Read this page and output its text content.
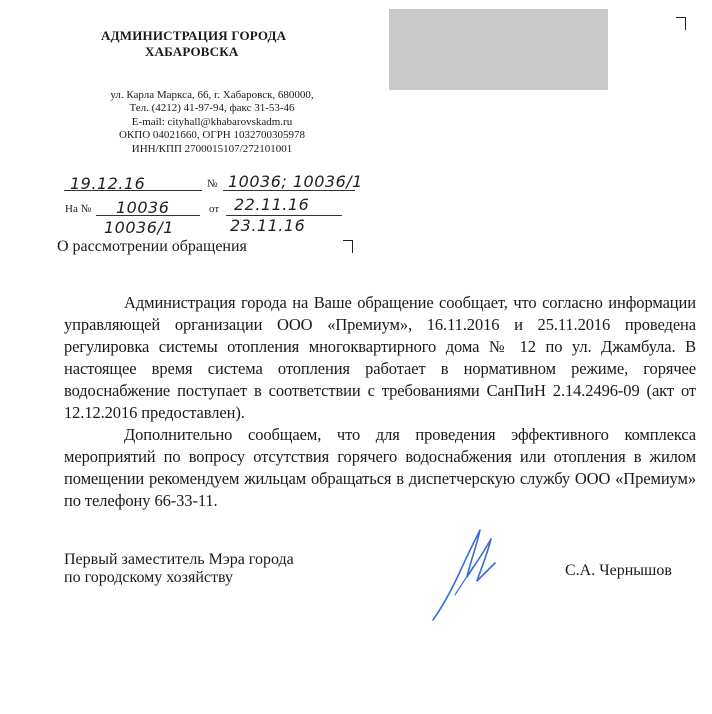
АДМИНИСТРАЦИЯ ГОРОДА
ХАБАРОВСКА
ул. Карла Маркса, 66, г. Хабаровск, 680000,
Тел. (4212) 41-97-94, факс 31-53-46
E-mail: cityhall@khabarovskadm.ru
ОКПО 04021660, ОГРН 1032700305978
ИНН/КПП 2700015107/272101001
19.12.16	№ 10036; 10036/1
На № 10036
10036/1
от 22.11.16
23.11.16
О рассмотрении обращения

Администрация города на Ваше обращение сообщает, что согласно информации управляющей организации ООО «Премиум», 16.11.2016 и 25.11.2016 проведена регулировка системы отопления многоквартирного дома № 12 по ул. Джамбула. В настоящее время система отопления работает в нормативном режиме, горячее водоснабжение поступает в соответствии с требованиями СанПиН 2.14.2496-09 (акт от 12.12.2016 предоставлен).

Дополнительно сообщаем, что для проведения эффективного комплекса мероприятий по вопросу отсутствия горячего водоснабжения или отопления в жилом помещении рекомендуем жильцам обращаться в диспетчерскую службу ООО «Премиум» по телефону 66-33-11.

Первый заместитель Мэра города
по городскому хозяйству	С.А. Чернышов
